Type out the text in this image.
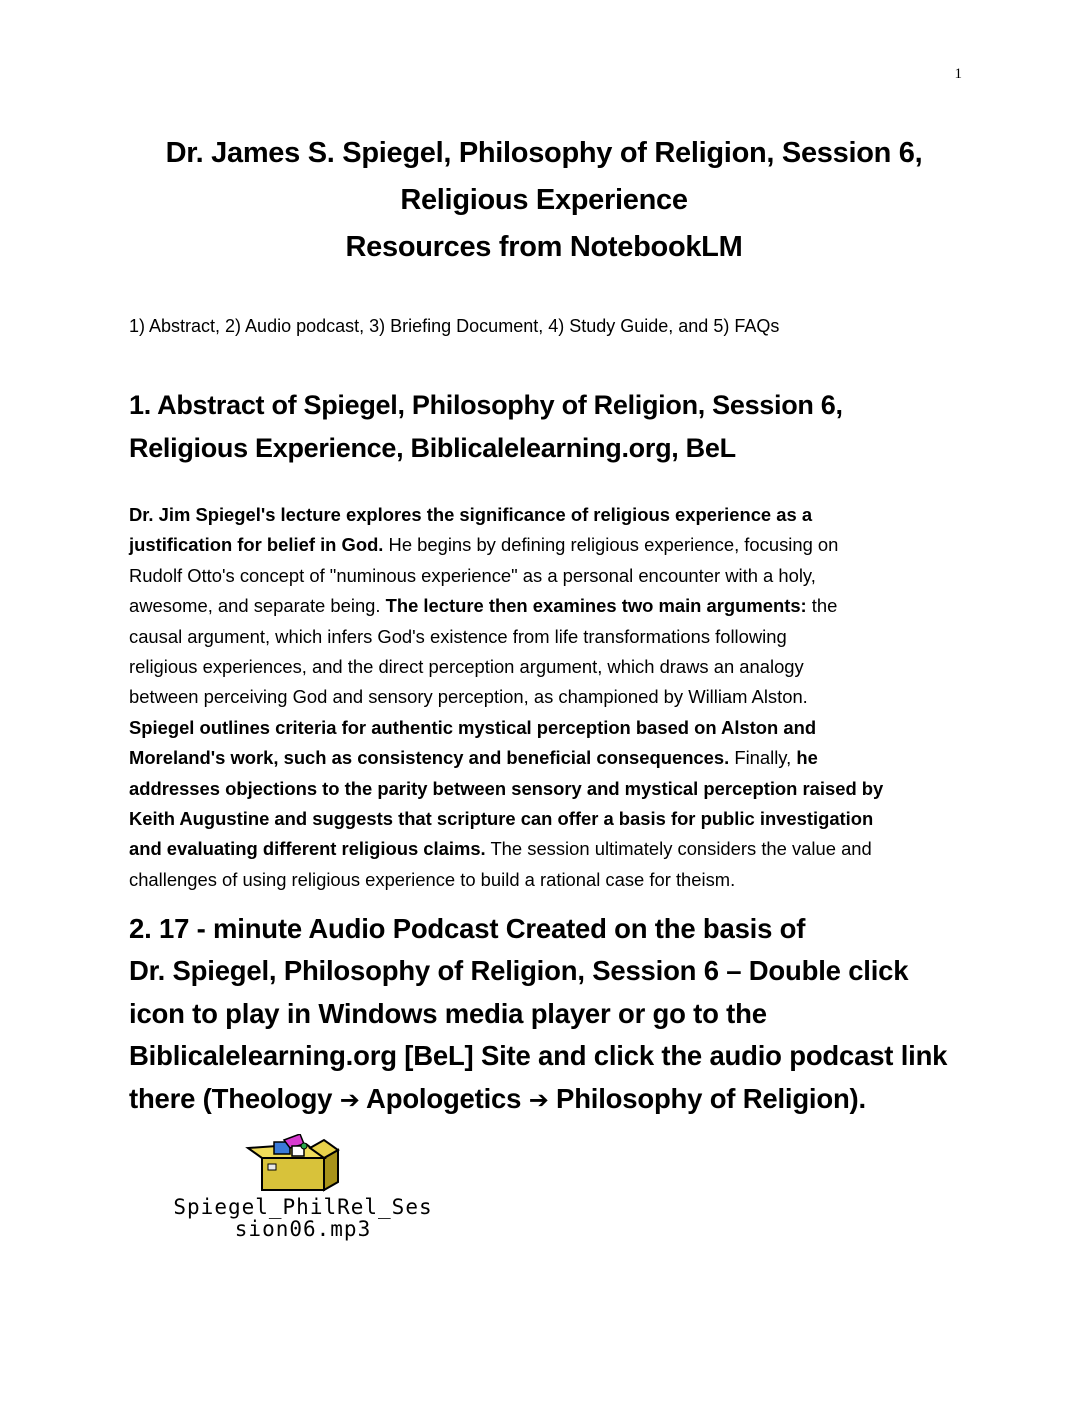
1
Dr. James S. Spiegel, Philosophy of Religion, Session 6,
Religious Experience
Resources from NotebookLM
1) Abstract, 2) Audio podcast, 3) Briefing Document, 4) Study Guide, and 5) FAQs
1. Abstract of Spiegel, Philosophy of Religion, Session 6,
Religious Experience, Biblicalelearning.org, BeL
Dr. Jim Spiegel's lecture explores the significance of religious experience as a
justification for belief in God. He begins by defining religious experience, focusing on
Rudolf Otto's concept of "numinous experience" as a personal encounter with a holy,
awesome, and separate being. The lecture then examines two main arguments: the
causal argument, which infers God's existence from life transformations following
religious experiences, and the direct perception argument, which draws an analogy
between perceiving God and sensory perception, as championed by William Alston.
Spiegel outlines criteria for authentic mystical perception based on Alston and
Moreland's work, such as consistency and beneficial consequences. Finally, he
addresses objections to the parity between sensory and mystical perception raised by
Keith Augustine and suggests that scripture can offer a basis for public investigation
and evaluating different religious claims. The session ultimately considers the value and
challenges of using religious experience to build a rational case for theism.
2. 17 - minute Audio Podcast Created on the basis of
Dr. Spiegel, Philosophy of Religion, Session 6 – Double click
icon to play in Windows media player or go to the
Biblicalelearning.org [BeL] Site and click the audio podcast link
there (Theology ➔ Apologetics ➔ Philosophy of Religion).
Spiegel_PhilRel_Ses
sion06.mp3
